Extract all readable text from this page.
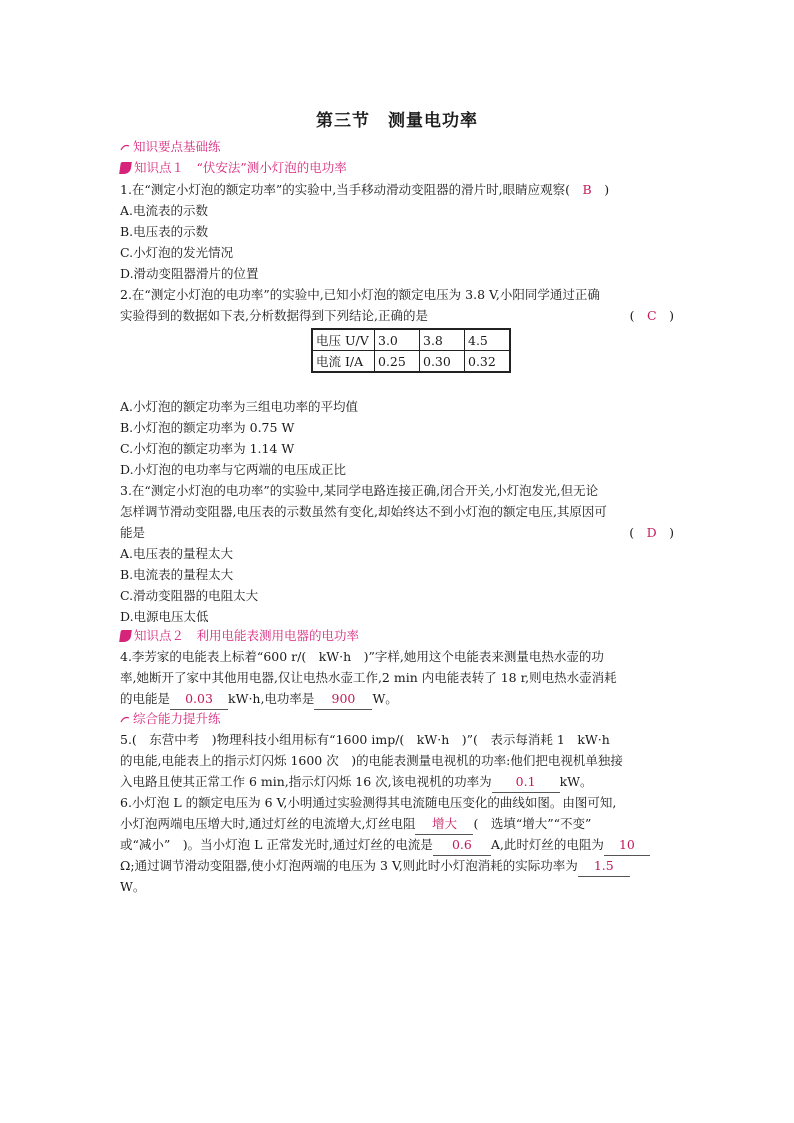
第三节　测量电功率
知识要点基础练
知识点１　“伏安法”测小灯泡的电功率
1.在“测定小灯泡的额定功率”的实验中,当手移动滑动变阻器的滑片时,眼睛应观察(　B　)
A.电流表的示数
B.电压表的示数
C.小灯泡的发光情况
D.滑动变阻器滑片的位置
2.在“测定小灯泡的电功率”的实验中,已知小灯泡的额定电压为 3.8 V,小阳同学通过正确
实验得到的数据如下表,分析数据得到下列结论,正确的是	(　C　)
电压 U/V	3.0	3.8	4.5
电流 I/A	0.25	0.30	0.32
A.小灯泡的额定功率为三组电功率的平均值
B.小灯泡的额定功率为 0.75 W
C.小灯泡的额定功率为 1.14 W
D.小灯泡的电功率与它两端的电压成正比
3.在“测定小灯泡的电功率”的实验中,某同学电路连接正确,闭合开关,小灯泡发光,但无论
怎样调节滑动变阻器,电压表的示数虽然有变化,却始终达不到小灯泡的额定电压,其原因可
能是	(　D　)
A.电压表的量程太大
B.电流表的量程太大
C.滑动变阻器的电阻太大
D.电源电压太低
知识点２　利用电能表测用电器的电功率
4.李芳家的电能表上标着“600 r/(　kW·h　)”字样,她用这个电能表来测量电热水壶的功
率,她断开了家中其他用电器,仅让电热水壶工作,2 min 内电能表转了 18 r,则电热水壶消耗
的电能是 0.03 kW·h,电功率是 900 W。
综合能力提升练
5.(　东营中考　)物理科技小组用标有“1600 imp/(　kW·h　)”(　表示每消耗 1　kW·h
的电能,电能表上的指示灯闪烁 1600 次　)的电能表测量电视机的功率:他们把电视机单独接
入电路且使其正常工作 6 min,指示灯闪烁 16 次,该电视机的功率为 0.1 kW。
6.小灯泡 L 的额定电压为 6 V,小明通过实验测得其电流随电压变化的曲线如图。由图可知,
小灯泡两端电压增大时,通过灯丝的电流增大,灯丝电阻 增大 (　选填“增大”“不变”
或“减小”　)。当小灯泡 L 正常发光时,通过灯丝的电流是 0.6 A,此时灯丝的电阻为 10
Ω;通过调节滑动变阻器,使小灯泡两端的电压为 3 V,则此时小灯泡消耗的实际功率为 1.5
W。
